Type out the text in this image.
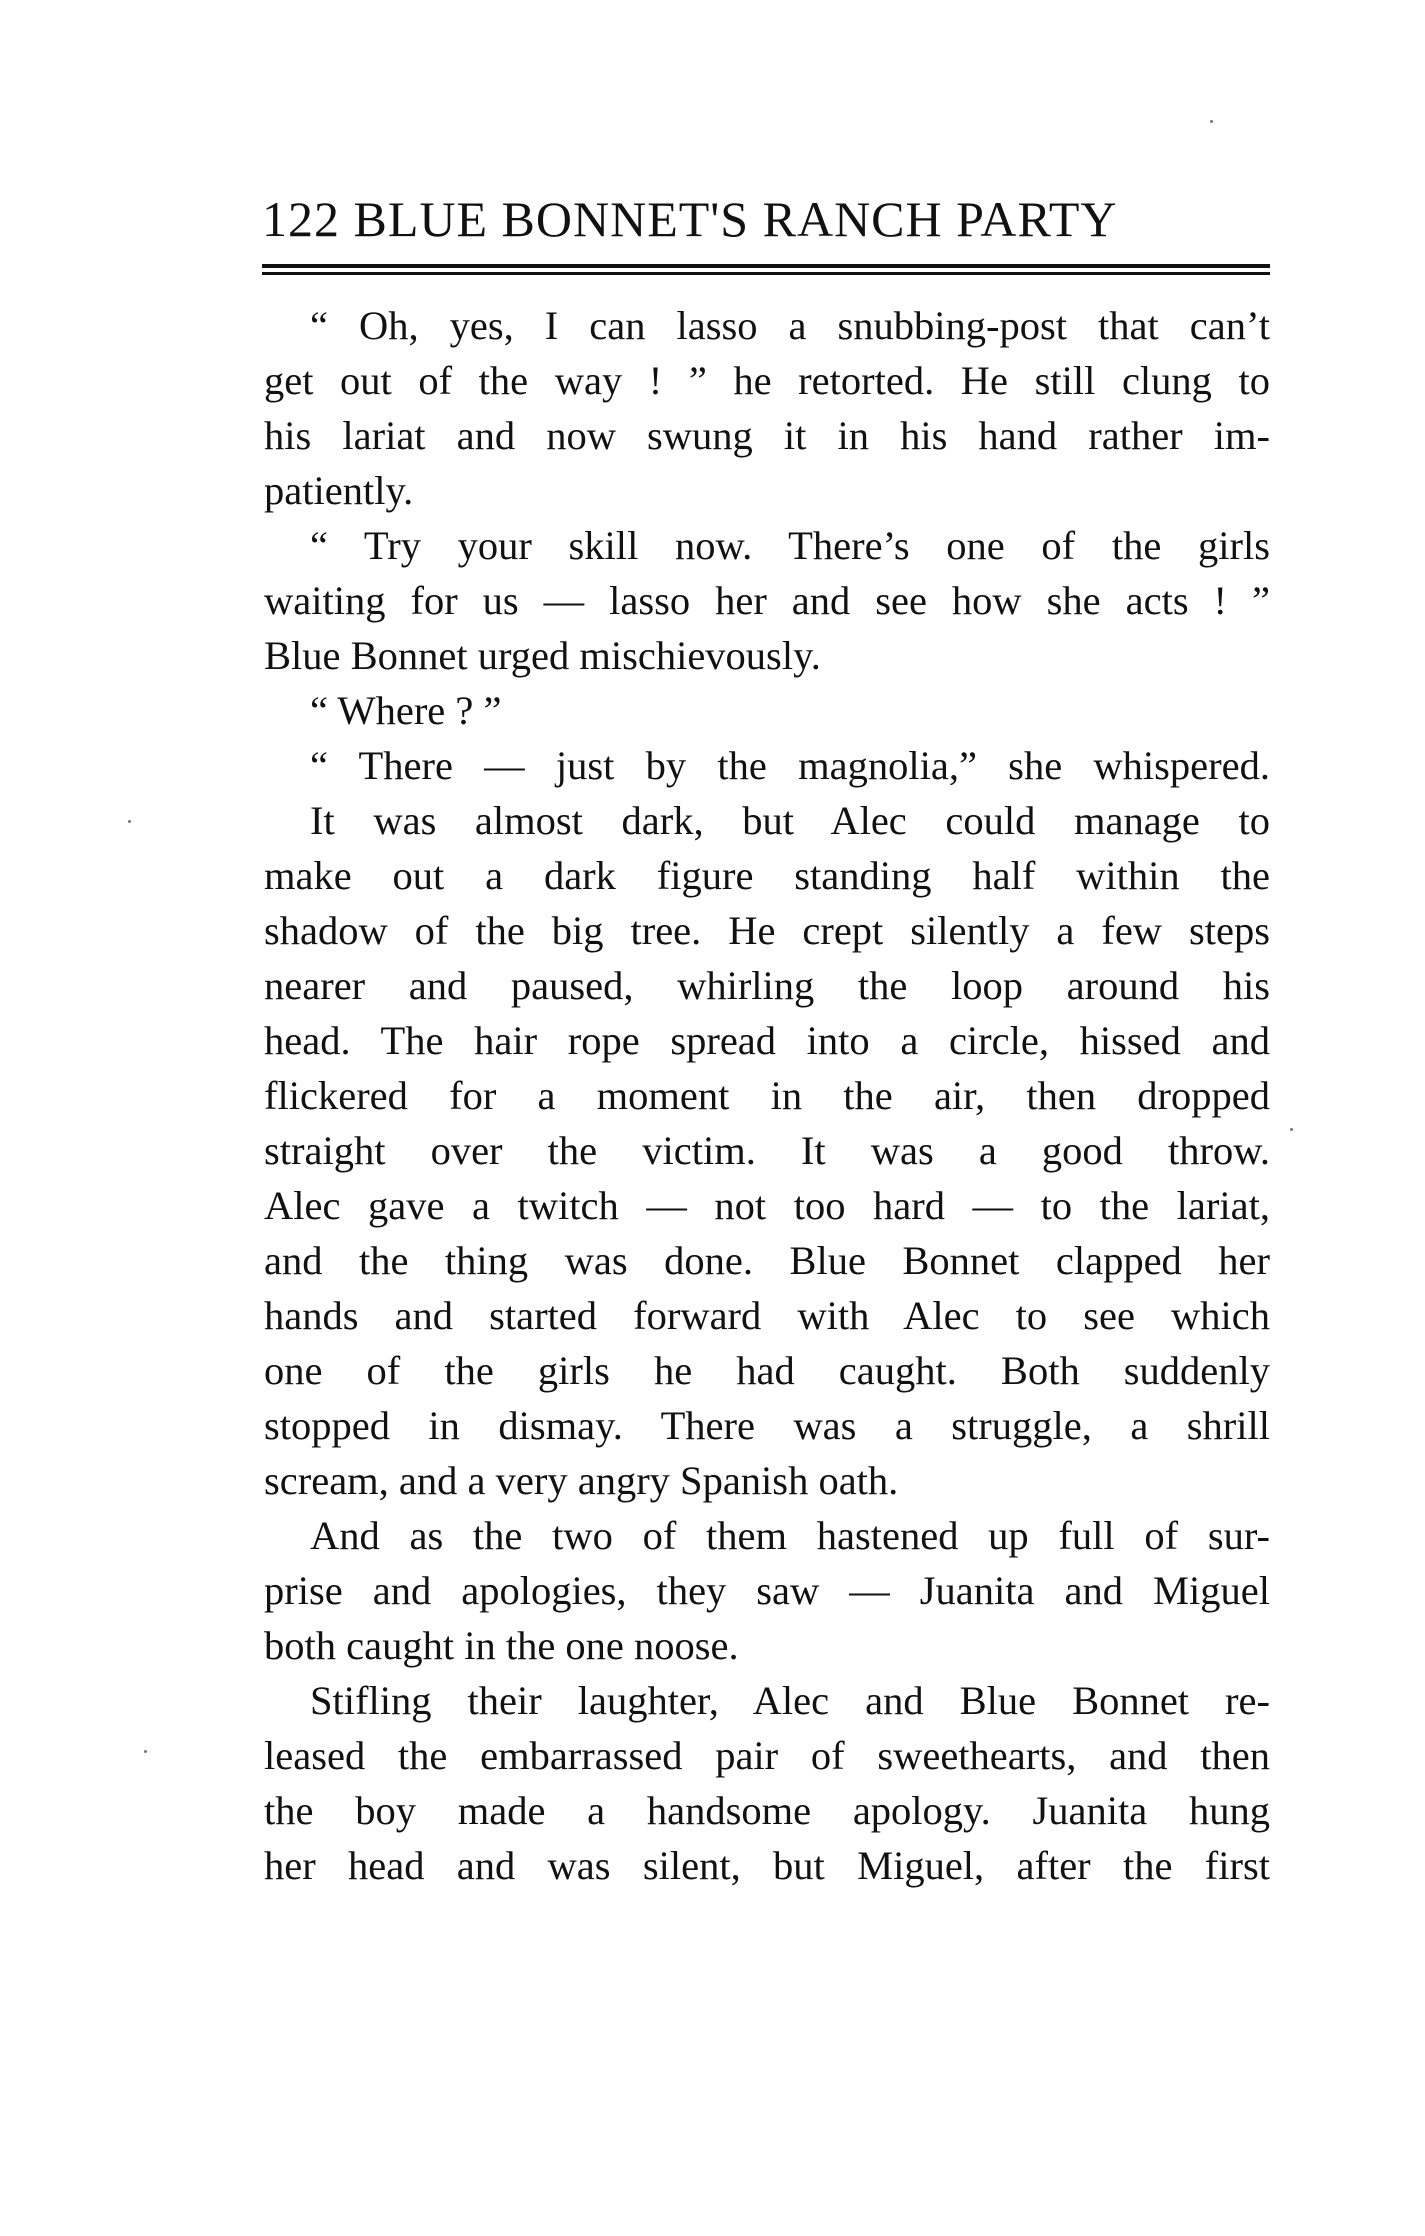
122 BLUE BONNET'S RANCH PARTY
“ Oh, yes, I can lasso a snubbing-post that can’t
get out of the way ! ” he retorted. He still clung to
his lariat and now swung it in his hand rather im-
patiently.
“ Try your skill now. There’s one of the girls
waiting for us — lasso her and see how she acts ! ”
Blue Bonnet urged mischievously.
“ Where ? ”
“ There — just by the magnolia,” she whispered.
It was almost dark, but Alec could manage to
make out a dark figure standing half within the
shadow of the big tree. He crept silently a few steps
nearer and paused, whirling the loop around his
head. The hair rope spread into a circle, hissed and
flickered for a moment in the air, then dropped
straight over the victim. It was a good throw.
Alec gave a twitch — not too hard — to the lariat,
and the thing was done. Blue Bonnet clapped her
hands and started forward with Alec to see which
one of the girls he had caught. Both suddenly
stopped in dismay. There was a struggle, a shrill
scream, and a very angry Spanish oath.
And as the two of them hastened up full of sur-
prise and apologies, they saw — Juanita and Miguel
both caught in the one noose.
Stifling their laughter, Alec and Blue Bonnet re-
leased the embarrassed pair of sweethearts, and then
the boy made a handsome apology. Juanita hung
her head and was silent, but Miguel, after the first
